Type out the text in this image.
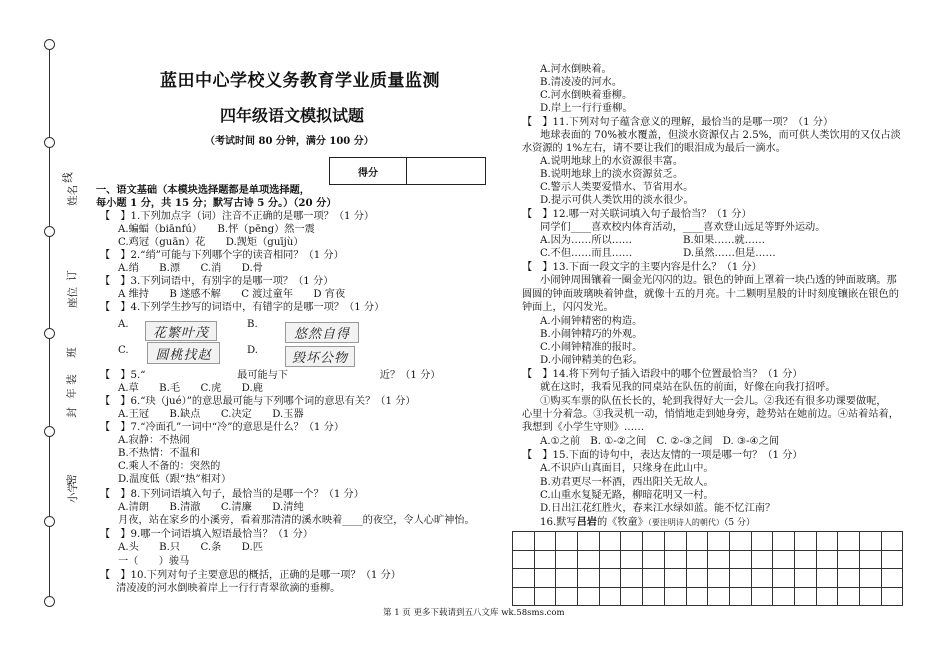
姓名
线
座位
订
班
装
年
封
小学
密
蓝田中心学校义务教育学业质量监测
四年级语文模拟试题
（考试时间 80 分钟，满分 100 分）
得分
一、语文基础（本模块选择题都是单项选择题，
每小题 1 分，共 15 分；默写古诗 5 分。）（20 分）
【　】1.下列加点字（词）注音不正确的是哪一项？（1 分）
A.蝙蝠（biānfú）　　B.怦（pēng）然一震
C.鸡冠（guān）花　　D.觊矩（guījù）
【　】2.“绡”可能与下列哪个字的读音相同？（1 分）
A.绡　　B.漂　　C.消　　D.骨
【　】3.下列词语中，有别字的是哪一项？（1 分）
A 维持　　B 遂感不解　　C 渡过童年　　D 宵夜
【　】4.下列学生抄写的词语中，有错字的是哪一项？（1 分）
A.
花繁叶茂
B.
悠然自得
C.	圆桃找赵	D.
毁坏公物
【　】5.“　　　　　　　　　最可能与下　　　　　　　　　近？（1 分）
A.草　　B.毛　　C.虎　　D.鹿
【　】6.“玦（jué）”的意思最可能与下列哪个词的意思有关？（1 分）
A.王冠　　B.缺点　　C.决定　　D.玉器
【　】7.“冷面孔”一词中“冷”的意思是什么？（1 分）
A.寂静：不热闹
B.不热情：不温和
C.乘人不备的：突然的
D.温度低（跟“热”相对）
【　】8.下列词语填入句子，最恰当的是哪一个？（1 分）
A.清朗　　B.清澈　　C.清廉　　D.清纯
　月夜，站在家乡的小溪旁，看着那清清的溪水映着____的夜空，令人心旷神怡。
【　】9.哪一个词语填入短语最恰当？（1 分）
A.头　　B.只　　C.条　　D.匹
一（　　）骏马
【　】10.下列对句子主要意思的概括，正确的是哪一项？（1 分）
　清凌凌的河水倒映着岸上一行行青翠欲滴的垂柳。
A.河水倒映着。
B.清凌凌的河水。
C.河水倒映着垂柳。
D.岸上一行行垂柳。
【　】11.下列对句子蕴含意义的理解，最恰当的是哪一项？（1 分）
　地球表面的 70%被水覆盖，但淡水资源仅占 2.5%，而可供人类饮用的又仅占淡
水资源的 1%左右，请不要让我们的眼泪成为最后一滴水。
A.说明地球上的水资源很丰富。
B.说明地球上的淡水资源贫乏。
C.警示人类要爱惜水、节省用水。
D.提示可供人类饮用的淡水很少。
【　】12.哪一对关联词填入句子最恰当？（1 分）
　同学们____喜欢校内体育活动，____喜欢登山远足等野外运动。
A.因为……所以……　　　　　B.如果……就……
C.不但……而且……　　　　　D.虽然……但是……
【　】13.下面一段文字的主要内容是什么？（1 分）
　小闹钟周围镶着一圈金光闪闪的边。银色的钟面上罩着一块凸透的钟面玻璃。那
圆圆的钟面玻璃映着钟盘，就像十五的月亮。十二颗明星般的计时刻度镶嵌在银色的
钟面上，闪闪发光。
A.小闹钟精密的构造。
B.小闹钟精巧的外观。
C.小闹钟精准的报时。
D.小闹钟精美的色彩。
【　】14.将下列句子插入语段中的哪个位置最恰当？（1 分）
　就在这时，我看见我的同桌站在队伍的前面，好像在向我打招呼。
　①购买车票的队伍长长的，轮到我得好大一会儿。②我还有很多功课要做呢，
心里十分着急。③我灵机一动，悄悄地走到她身旁，趁势站在她前边。④站着站着，
我想到《小学生守则》……
A.①之前　B. ①-②之间　C. ②-③之间　D. ③-④之间
【　】15.下面的诗句中，表达友情的一项是哪一句？（1 分）
A.不识庐山真面目，只缘身在此山中。
B.劝君更尽一杯酒，西出阳关无故人。
C.山重水复疑无路，柳暗花明又一村。
D.日出江花红胜火，春来江水绿如蓝。能不忆江南？
16.默写吕岩的《牧童》（要注明诗人的朝代）（5 分）

第 1 页 更多下载请到五八文库 wk.58sms.com
